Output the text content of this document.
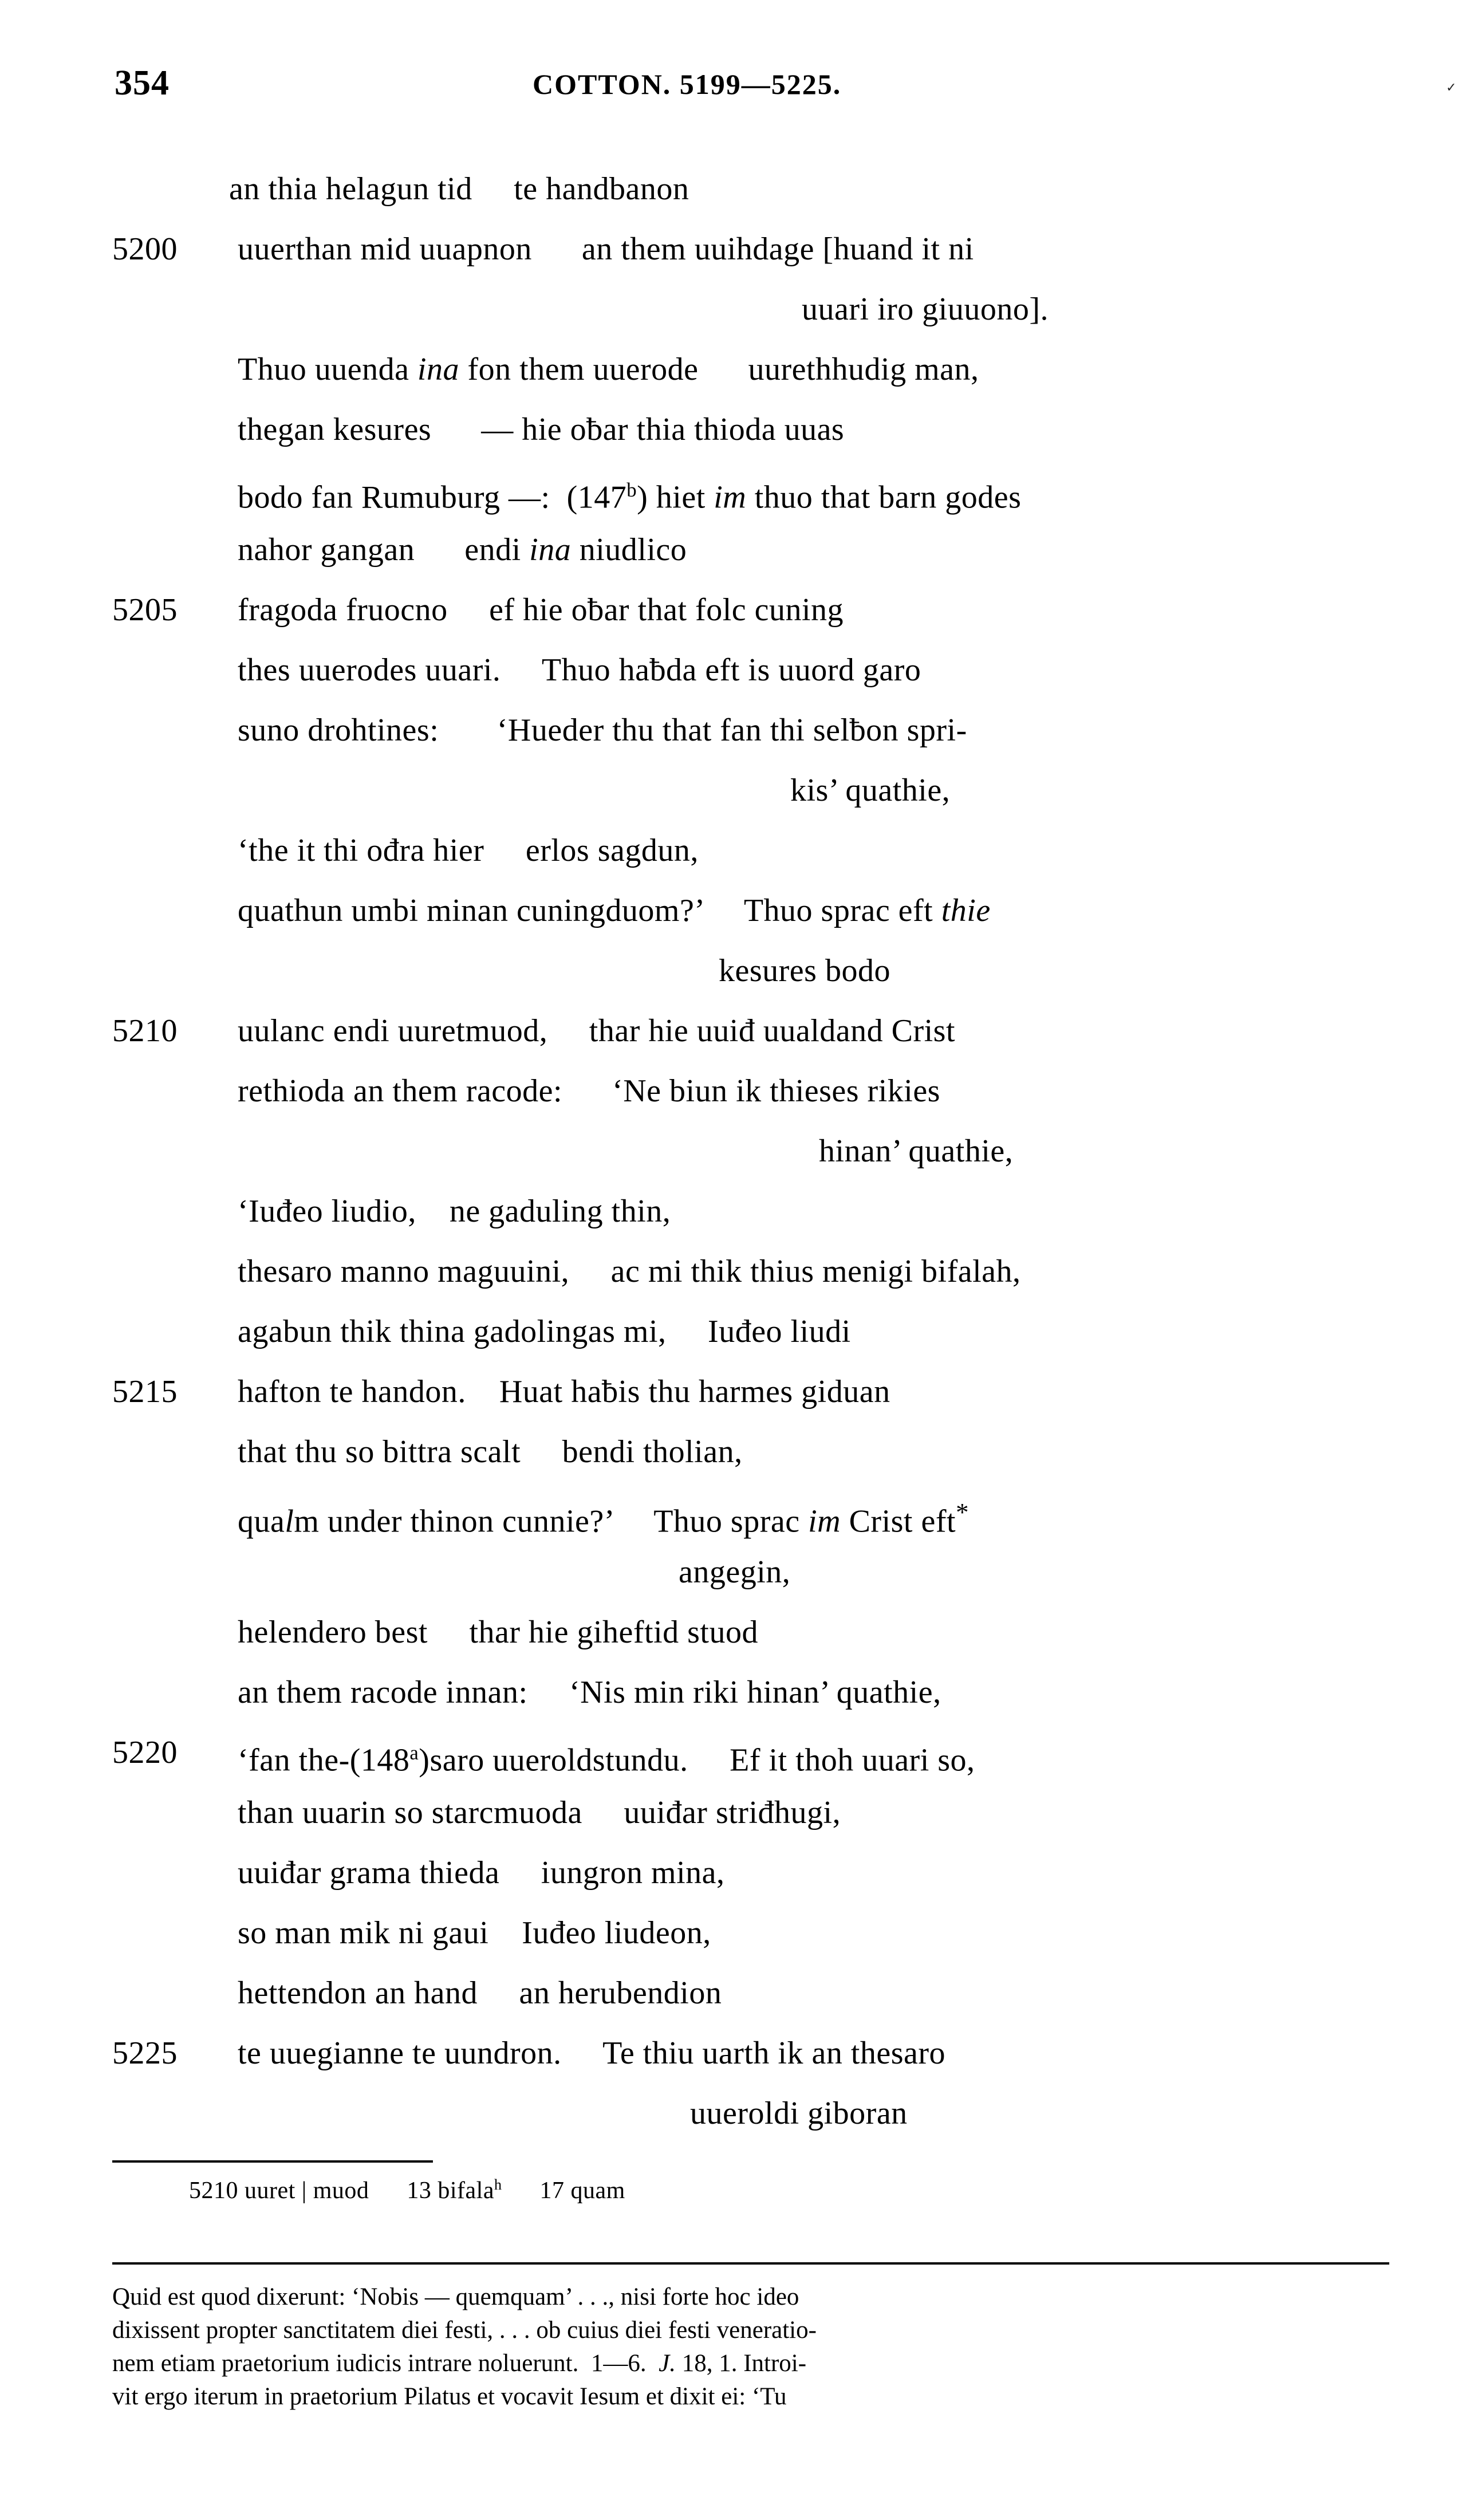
354	COTTON. 5199—5225.	✓
an thia helagun tid     te handbanon
5200 uuerthan mid uuapnon      an them uuihdage [huand it ni
uuari iro giuuono].
Thuo uuenda ina fon them uuerode      uurethhudig man,
thegan kesures      — hie oƀar thia thioda uuas
bodo fan Rumuburg —:  (147$^b$) hiet im thuo that barn godes
nahor gangan      endi ina niudlico
5205 fragoda fruocno     ef hie oƀar that folc cuning
thes uuerodes uuari.     Thuo haƀda eft is uuord garo
suno drohtines:       ‘Hueder thu that fan thi selƀon spri-
kis’ quathie,
‘the it thi ođra hier     erlos sagdun,
quathun umbi minan cuningduom?’     Thuo sprac eft thie
kesures bodo
5210 uulanc endi uuretmuod,     thar hie uuiđ uualdand Crist
rethioda an them racode:      ‘Ne biun ik thieses rikies
hinan’ quathie,
‘Iuđeo liudio,    ne gaduling thin,
thesaro manno maguuini,     ac mi thik thius menigi bifalah,
agabun thik thina gadolingas mi,     Iuđeo liudi
5215 hafton te handon.    Huat haƀis thu harmes giduan
that thu so bittra scalt     bendi tholian,
qualm under thinon cunnie?’     Thuo sprac im Crist eft*
angegin,
helendero best     thar hie giheftid stuod
an them racode innan:     ‘Nis min riki hinan’ quathie,
5220 ‘fan the-(148$^a$)saro uueroldstundu.     Ef it thoh uuari so,
than uuarin so starcmuoda     uuiđar striđhugi,
uuiđar grama thieda     iungron mina,
so man mik ni gaui    Iuđeo liudeon,
hettendon an hand     an herubendion
5225 te uuegianne te uundron.     Te thiu uarth ik an thesaro
uueroldi giboran
5210 uuret | muod      13 bifala$^h$      17 quam
Quid est quod dixerunt: ‘Nobis — quemquam’ . . ., nisi forte hoc ideo
dixissent propter sanctitatem diei festi, . . . ob cuius diei festi veneratio-
nem etiam praetorium iudicis intrare noluerunt.  1—6.  J. 18, 1. Introi-
vit ergo iterum in praetorium Pilatus et vocavit Iesum et dixit ei: ‘Tu
